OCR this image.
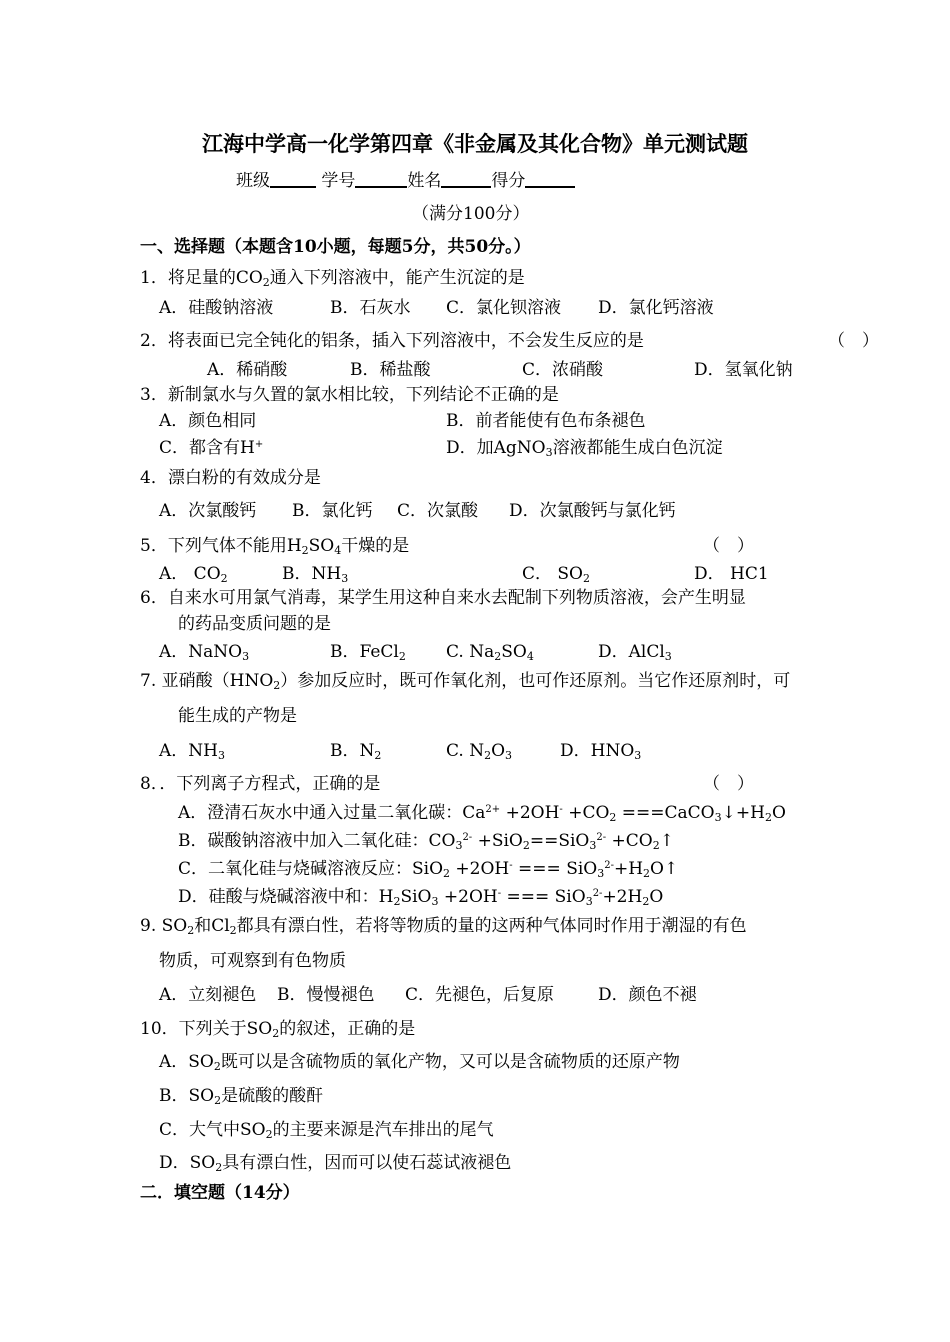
江海中学高一化学第四章《非金属及其化合物》单元测试题
班级	学号	姓名	得分
（满分100分）
一、选择题（本题含10小题，每题5分，共50分。）
1．将足量的$CO_2$通入下列溶液中，能产生沉淀的是
A．硅酸钠溶液	B．石灰水 C．氯化钡溶液 D．氯化钙溶液
2．将表面已完全钝化的铝条，插入下列溶液中，不会发生反应的是	（　）
A．稀硝酸	B．稀盐酸	C．浓硝酸	D．氢氧化钠
3．新制氯水与久置的氯水相比较，下列结论不正确的是
A．颜色相同	B．前者能使有色布条褪色
C．都含有H+	D．加AgNO$_3$溶液都能生成白色沉淀
4．漂白粉的有效成分是
A．次氯酸钙 B．氯化钙 C．次氯酸 D．次氯酸钙与氯化钙
5．下列气体不能用$H_2SO_4$干燥的是	（　）
A． $CO_2$	B．$NH_3$	C． $SO_2$	D． HC1
6．自来水可用氯气消毒，某学生用这种自来水去配制下列物质溶液，会产生明显
的药品变质问题的是
A．NaNO$_3$	B．FeCl$_2$ C. $Na_2SO_4$	D．AlCl$_3$
7. 亚硝酸$(HNO_2)$参加反应时，既可作氧化剂，也可作还原剂。当它作还原剂时，可
能生成的产物是
A．$NH_3$	B．$N_2$	C. $N_2O_3$	D．$HNO_3$
8．．下列离子方程式，正确的是	（　）
A．澄清石灰水中通入过量二氧化碳：$Ca^{2+} +2OH^- +CO_2$ $===CaCO_3↓+H_2O$
B．碳酸钠溶液中加入二氧化硅：$CO_3^{2-} +SiO_2==SiO_3^{2-}$ $+CO_2↑$
C．二氧化硅与烧碱溶液反应：SiO$_2$ +2OH- === $SiO_3^{2-}+H_2O↑$
D．硅酸与烧碱溶液中和：$H_2SiO_3 +2OH^-$ === $SiO_3^{2-}+2H_2O$
9. $SO_2$和$Cl_2$都具有漂白性，若将等物质的量的这两种气体同时作用于潮湿的有色
物质，可观察到有色物质
A．立刻褪色 B．慢慢褪色 C．先褪色，后复原	D．颜色不褪
10．下列关于$SO_2$的叙述，正确的是
A．$SO_2$既可以是含硫物质的氧化产物，又可以是含硫物质的还原产物
B．$SO_2$是硫酸的酸酐
C．大气中$SO_2$的主要来源是汽车排出的尾气
D．$SO_2$具有漂白性，因而可以使石蕊试液褪色
二．填空题（14分）
